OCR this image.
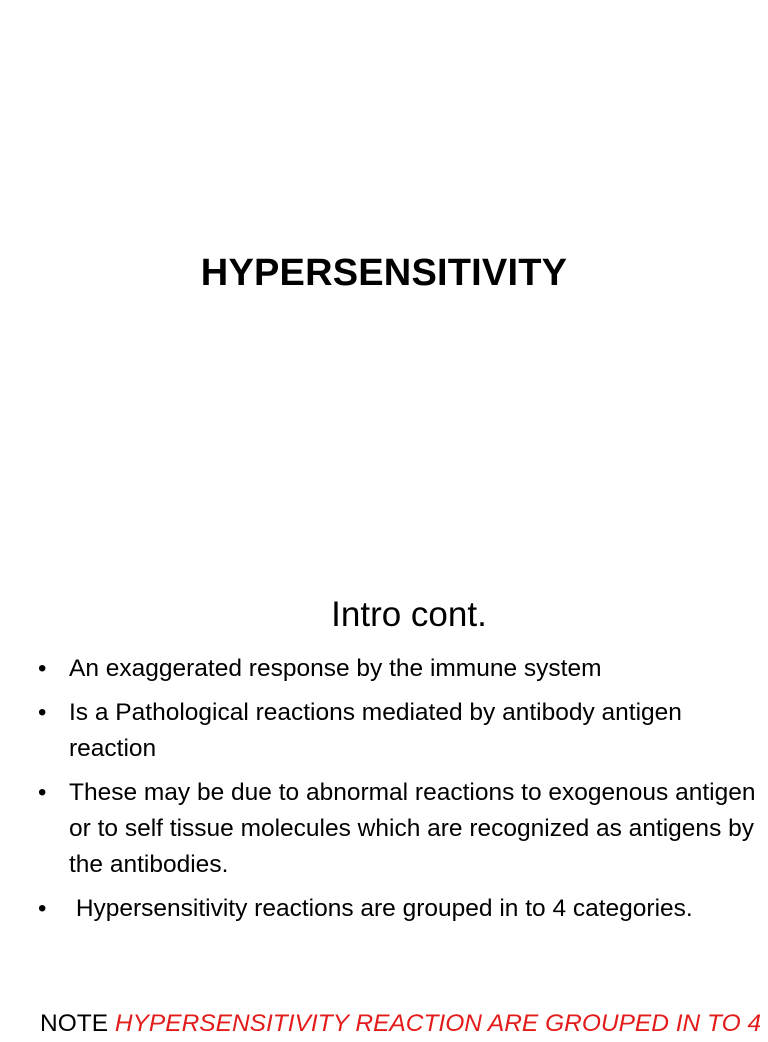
HYPERSENSITIVITY
Intro cont.
• An exaggerated response by the immune system
• Is a Pathological reactions mediated by antibody antigen reaction
• These may be due to abnormal reactions to exogenous antigen or to self tissue molecules which are recognized as antigens by the antibodies.
• Hypersensitivity reactions are grouped in to 4 categories.
NOTE HYPERSENSITIVITY REACTION ARE GROUPED IN TO 4
